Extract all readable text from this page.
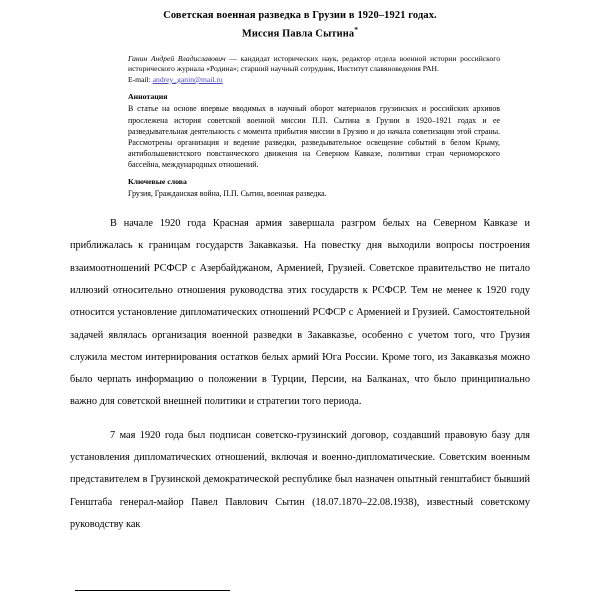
Советская военная разведка в Грузии в 1920–1921 годах.
Миссия Павла Сытина*
Ганин Андрей Владиславович — кандидат исторических наук, редактор отдела военной истории российского исторического журнала «Родина»; старший научный сотрудник, Институт славяноведения РАН.
E-mail: andrey_ganin@mail.ru
Аннотация
В статье на основе впервые вводимых в научный оборот материалов грузинских и российских архивов прослежена история советской военной миссии П.П. Сытина в Грузии в 1920–1921 годах и ее разведывательная деятельность с момента прибытия миссии в Грузию и до начала советизации этой страны. Рассмотрены организация и ведение разведки, разведывательное освещение событий в белом Крыму, антибольшевистского повстанческого движения на Северном Кавказе, политики стран черноморского бассейна, международных отношений.
Ключевые слова
Грузия, Гражданская война, П.П. Сытин, военная разведка.

В начале 1920 года Красная армия завершала разгром белых на Северном Кавказе и приближалась к границам государств Закавказья. На повестку дня выходили вопросы построения взаимоотношений РСФСР с Азербайджаном, Арменией, Грузией. Советское правительство не питало иллюзий относительно отношения руководства этих государств к РСФСР. Тем не менее к 1920 году относится установление дипломатических отношений РСФСР с Арменией и Грузией. Самостоятельной задачей являлась организация военной разведки в Закавказье, особенно с учетом того, что Грузия служила местом интернирования остатков белых армий Юга России. Кроме того, из Закавказья можно было черпать информацию о положении в Турции, Персии, на Балканах, что было принципиально важно для советской внешней политики и стратегии того периода.

7 мая 1920 года был подписан советско-грузинский договор, создавший правовую базу для установления дипломатических отношений, включая и военно-дипломатические. Советским военным представителем в Грузинской демократической республике был назначен опытный генштабист бывший Генштаба генерал-майор Павел Павлович Сытин (18.07.1870–22.08.1938), известный советскому руководству как
